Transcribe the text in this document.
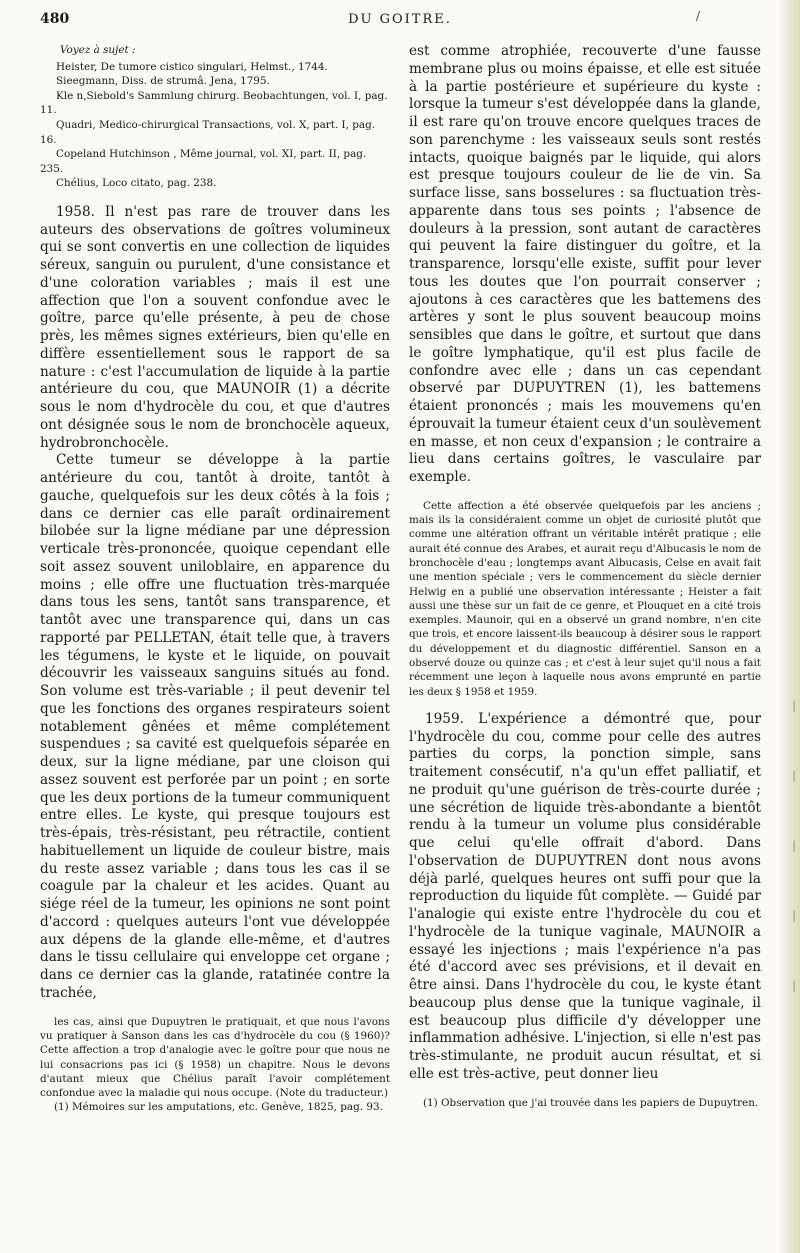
|
|
|
|
|
480	DU GOITRE.	/
Voyez à sujet :
Heister, De tumore cistico singulari, Helmst., 1744.
Sieegmann, Diss. de strumâ. Jena, 1795.
Kle n,Siebold's Sammlung chirurg. Beobachtungen, vol. I, pag. 11.
Quadri, Medico-chirurgical Transactions, vol. X, part. I, pag. 16.
Copeland Hutchinson , Même journal, vol. XI, part. II, pag. 235.
Chélius, Loco citato, pag. 238.

1958. Il n'est pas rare de trouver dans les auteurs des observations de goîtres volumineux qui se sont convertis en une collection de liquides séreux, sanguin ou purulent, d'une consistance et d'une coloration variables ; mais il est une affection que l'on a souvent confondue avec le goître, parce qu'elle présente, à peu de chose près, les mêmes signes extérieurs, bien qu'elle en diffère essentiellement sous le rapport de sa nature : c'est l'accumulation de liquide à la partie antérieure du cou, que MAUNOIR (1) a décrite sous le nom d'hydrocèle du cou, et que d'autres ont désignée sous le nom de bronchocèle aqueux, hydrobronchocèle.

Cette tumeur se développe à la partie antérieure du cou, tantôt à droite, tantôt à gauche, quelquefois sur les deux côtés à la fois ; dans ce dernier cas elle paraît ordinairement bilobée sur la ligne médiane par une dépression verticale très-prononcée, quoique cependant elle soit assez souvent uniloblaire, en apparence du moins ; elle offre une fluctuation très-marquée dans tous les sens, tantôt sans transparence, et tantôt avec une transparence qui, dans un cas rapporté par PELLETAN, était telle que, à travers les tégumens, le kyste et le liquide, on pouvait découvrir les vaisseaux sanguins situés au fond. Son volume est très-variable ; il peut devenir tel que les fonctions des organes respirateurs soient notablement gênées et même complétement suspendues ; sa cavité est quelquefois séparée en deux, sur la ligne médiane, par une cloison qui assez souvent est perforée par un point ; en sorte que les deux portions de la tumeur communiquent entre elles. Le kyste, qui presque toujours est très-épais, très-résistant, peu rétractile, contient habituellement un liquide de couleur bistre, mais du reste assez variable ; dans tous les cas il se coagule par la chaleur et les acides. Quant au siége réel de la tumeur, les opinions ne sont point d'accord : quelques auteurs l'ont vue développée aux dépens de la glande elle-même, et d'autres dans le tissu cellulaire qui enveloppe cet organe ; dans ce dernier cas la glande, ratatinée contre la trachée,

les cas, ainsi que Dupuytren le pratiquait, et que nous l'avons vu pratiquer à Sanson dans les cas d'hydrocèle du cou (§ 1960)? Cette affection a trop d'analogie avec le goître pour que nous ne lui consacrions pas ici (§ 1958) un chapitre. Nous le devons d'autant mieux que Chélius paraît l'avoir complétement confondue avec la maladie qui nous occupe. (Note du traducteur.)

(1) Mémoires sur les amputations, etc. Genève, 1825, pag. 93.

est comme atrophiée, recouverte d'une fausse membrane plus ou moins épaisse, et elle est située à la partie postérieure et supérieure du kyste : lorsque la tumeur s'est développée dans la glande, il est rare qu'on trouve encore quelques traces de son parenchyme : les vaisseaux seuls sont restés intacts, quoique baignés par le liquide, qui alors est presque toujours couleur de lie de vin. Sa surface lisse, sans bosselures : sa fluctuation très-apparente dans tous ses points ; l'absence de douleurs à la pression, sont autant de caractères qui peuvent la faire distinguer du goître, et la transparence, lorsqu'elle existe, suffit pour lever tous les doutes que l'on pourrait conserver ; ajoutons à ces caractères que les battemens des artères y sont le plus souvent beaucoup moins sensibles que dans le goître, et surtout que dans le goître lymphatique, qu'il est plus facile de confondre avec elle ; dans un cas cependant observé par DUPUYTREN (1), les battemens étaient prononcés ; mais les mouvemens qu'en éprouvait la tumeur étaient ceux d'un soulèvement en masse, et non ceux d'expansion ; le contraire a lieu dans certains goîtres, le vasculaire par exemple.

Cette affection a été observée quelquefois par les anciens ; mais ils la considéraient comme un objet de curiosité plutôt que comme une altération offrant un véritable intérêt pratique ; elle aurait été connue des Arabes, et aurait reçu d'Albucasis le nom de bronchocèle d'eau ; longtemps avant Albucasis, Celse en avait fait une mention spéciale ; vers le commencement du siècle dernier Helwig en a publié une observation intéressante ; Heister a fait aussi une thèse sur un fait de ce genre, et Plouquet en a cité trois exemples. Maunoir, qui en a observé un grand nombre, n'en cite que trois, et encore laissent-ils beaucoup à désirer sous le rapport du développement et du diagnostic différentiel. Sanson en a observé douze ou quinze cas ; et c'est à leur sujet qu'il nous a fait récemment une leçon à laquelle nous avons emprunté en partie les deux § 1958 et 1959.

1959. L'expérience a démontré que, pour l'hydrocèle du cou, comme pour celle des autres parties du corps, la ponction simple, sans traitement consécutif, n'a qu'un effet palliatif, et ne produit qu'une guérison de très-courte durée ; une sécrétion de liquide très-abondante a bientôt rendu à la tumeur un volume plus considérable que celui qu'elle offrait d'abord. Dans l'observation de DUPUYTREN dont nous avons déjà parlé, quelques heures ont suffi pour que la reproduction du liquide fût complète. — Guidé par l'analogie qui existe entre l'hydrocèle du cou et l'hydrocèle de la tunique vaginale, MAUNOIR a essayé les injections ; mais l'expérience n'a pas été d'accord avec ses prévisions, et il devait en être ainsi. Dans l'hydrocèle du cou, le kyste étant beaucoup plus dense que la tunique vaginale, il est beaucoup plus difficile d'y développer une inflammation adhésive. L'injection, si elle n'est pas très-stimulante, ne produit aucun résultat, et si elle est très-active, peut donner lieu

(1) Observation que j'ai trouvée dans les papiers de Dupuytren.
